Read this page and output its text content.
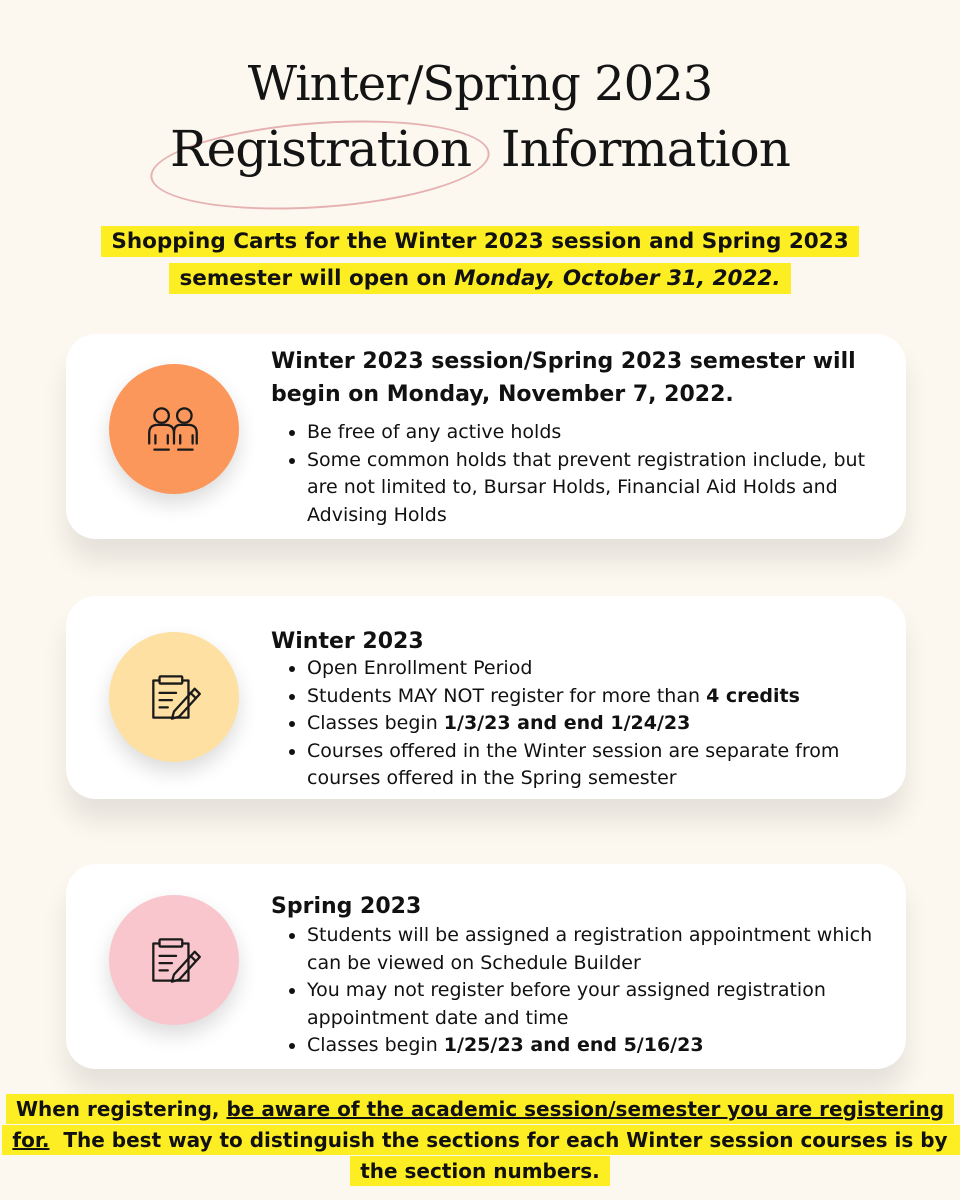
Winter/Spring 2023
Registration  Information
Shopping Carts for the Winter 2023 session and Spring 2023
semester will open on Monday, October 31, 2022.

Winter 2023 session/Spring 2023 semester will begin on Monday, November 7, 2022.

• Be free of any active holds
• Some common holds that prevent registration include, but are not limited to, Bursar Holds, Financial Aid Holds and Advising Holds

Winter 2023

• Open Enrollment Period
• Students MAY NOT register for more than 4 credits
• Classes begin 1/3/23 and end 1/24/23
• Courses offered in the Winter session are separate from courses offered in the Spring semester

Spring 2023

• Students will be assigned a registration appointment which can be viewed on Schedule Builder
• You may not register before your assigned registration appointment date and time
• Classes begin 1/25/23 and end 5/16/23
When registering, be aware of the academic session/semester you are registering for.  The best way to distinguish the sections for each Winter session courses is by the section numbers.
